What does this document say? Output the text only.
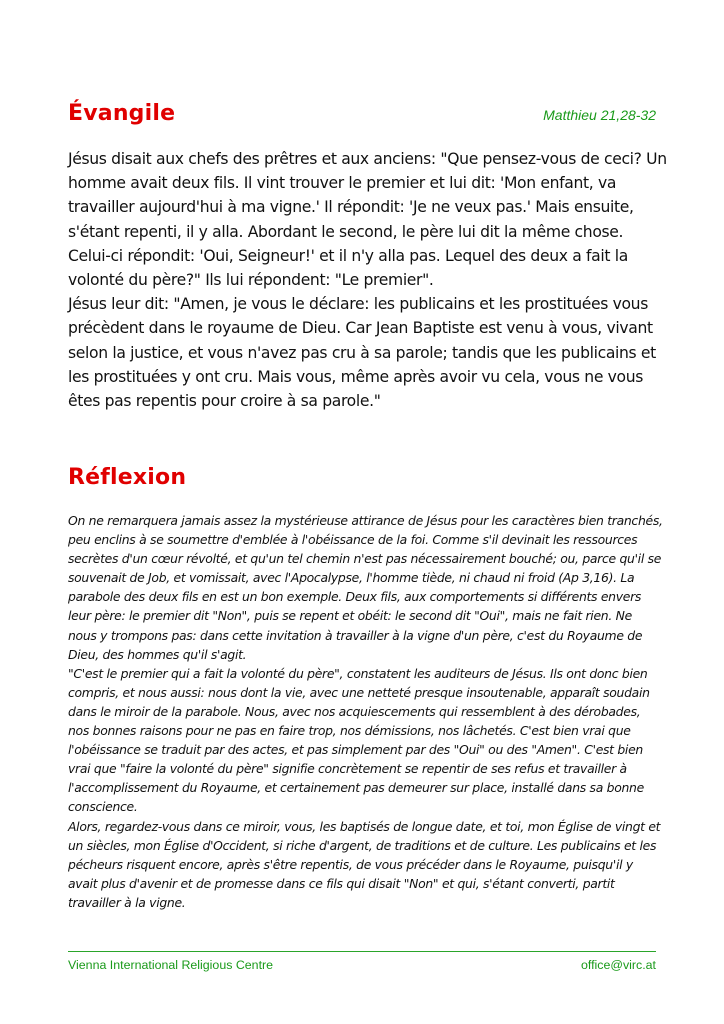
Évangile	Matthieu 21,28-32

Jésus disait aux chefs des prêtres et aux anciens: "Que pensez-vous de ceci? Un homme avait deux fils. Il vint trouver le premier et lui dit: 'Mon enfant, va travailler aujourd'hui à ma vigne.' Il répondit: 'Je ne veux pas.' Mais ensuite, s'étant repenti, il y alla. Abordant le second, le père lui dit la même chose. Celui-ci répondit: 'Oui, Seigneur!' et il n'y alla pas. Lequel des deux a fait la volonté du père?" Ils lui répondent: "Le premier".

Jésus leur dit: "Amen, je vous le déclare: les publicains et les prostituées vous précèdent dans le royaume de Dieu. Car Jean Baptiste est venu à vous, vivant selon la justice, et vous n'avez pas cru à sa parole; tandis que les publicains et les prostituées y ont cru. Mais vous, même après avoir vu cela, vous ne vous êtes pas repentis pour croire à sa parole."

Réflexion

On ne remarquera jamais assez la mystérieuse attirance de Jésus pour les caractères bien tranchés, peu enclins à se soumettre d'emblée à l'obéissance de la foi. Comme s'il devinait les ressources secrètes d'un cœur révolté, et qu'un tel chemin n'est pas nécessairement bouché; ou, parce qu'il se souvenait de Job, et vomissait, avec l'Apocalypse, l'homme tiède, ni chaud ni froid (Ap 3,16). La parabole des deux fils en est un bon exemple. Deux fils, aux comportements si différents envers leur père: le premier dit "Non", puis se repent et obéit: le second dit "Oui", mais ne fait rien. Ne nous y trompons pas: dans cette invitation à travailler à la vigne d'un père, c'est du Royaume de Dieu, des hommes qu'il s'agit.

"C'est le premier qui a fait la volonté du père", constatent les auditeurs de Jésus. Ils ont donc bien compris, et nous aussi: nous dont la vie, avec une netteté presque insoutenable, apparaît soudain dans le miroir de la parabole. Nous, avec nos acquiescements qui ressemblent à des dérobades, nos bonnes raisons pour ne pas en faire trop, nos démissions, nos lâchetés. C'est bien vrai que l'obéissance se traduit par des actes, et pas simplement par des "Oui" ou des "Amen". C'est bien vrai que "faire la volonté du père" signifie concrètement se repentir de ses refus et travailler à l'accomplissement du Royaume, et certainement pas demeurer sur place, installé dans sa bonne conscience.

Alors, regardez-vous dans ce miroir, vous, les baptisés de longue date, et toi, mon Église de vingt et un siècles, mon Église d'Occident, si riche d'argent, de traditions et de culture. Les publicains et les pécheurs risquent encore, après s'être repentis, de vous précéder dans le Royaume, puisqu'il y avait plus d'avenir et de promesse dans ce fils qui disait "Non" et qui, s'étant converti, partit travailler à la vigne.

Vienna International Religious Centre	office@virc.at
